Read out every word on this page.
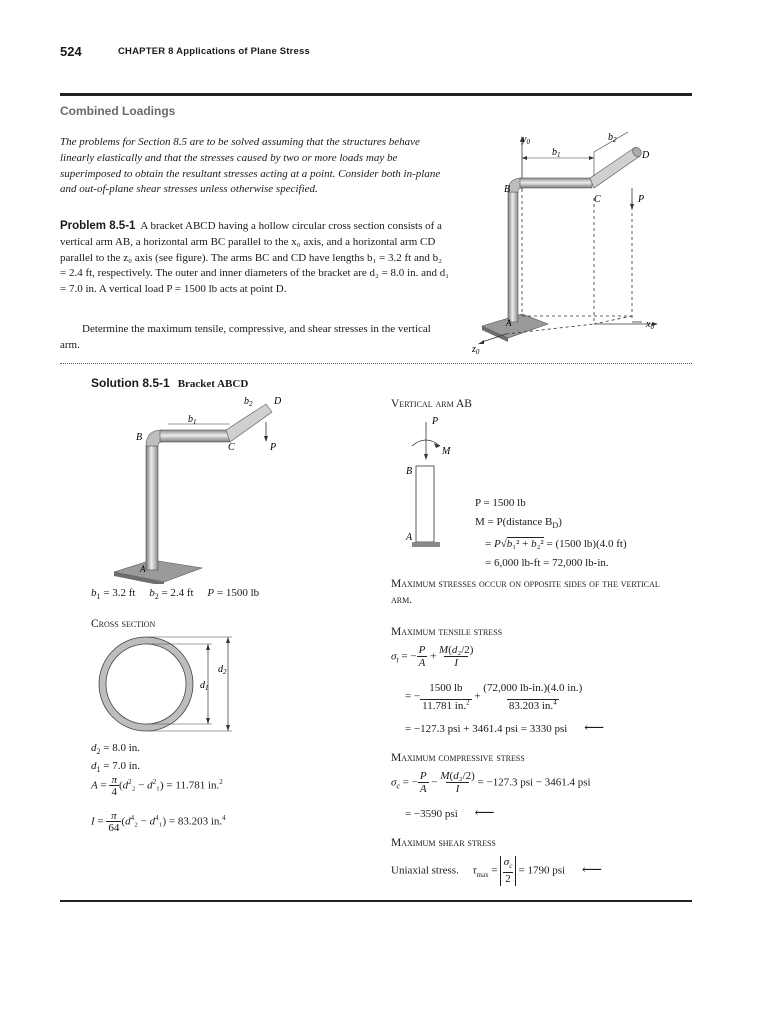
524	CHAPTER 8 Applications of Plane Stress
Combined Loadings
The problems for Section 8.5 are to be solved assuming that the structures behave linearly elastically and that the stresses caused by two or more loads may be superimposed to obtain the resultant stresses acting at a point. Consider both in-plane and out-of-plane shear stresses unless otherwise specified.
Problem 8.5-1 A bracket ABCD having a hollow circular cross section consists of a vertical arm AB, a horizontal arm BC parallel to the x₀ axis, and a horizontal arm CD parallel to the z₀ axis (see figure). The arms BC and CD have lengths b₁ = 3.2 ft and b₂ = 2.4 ft, respectively. The outer and inner diameters of the bracket are d₂ = 8.0 in. and d₁ = 7.0 in. A vertical load P = 1500 lb acts at point D.
Determine the maximum tensile, compressive, and shear stresses in the vertical arm.
$y_0$
$x_0$
$z_0$
P
$b_1$
$b_2$
B
C
D
A
Solution 8.5-1 Bracket ABCD
$b_1$
$b_2$ D
B
C	P
A
$b_1 = 3.2$ ft $b_2 = 2.4$ ft P = 1500 lb
Cross section
$d_2$
$d_1$
$d_2 = 8.0$ in.
$d_1 = 7.0$ in.
$A = \frac{\pi}{4}(d^2_2 - d^2_1) = 11.781$ in.$^2$
$I = \frac{\pi}{64}(d^4_2 - d^4_1) = 83.203$ in.$^4$
Vertical arm AB
P
M
B
A
P = 1500 lb
M = P(distance $B_D$)
= P√b₁² + b₂² = (1500 lb)(4.0 ft)
= 6,000 lb-ft = 72,000 lb-in.
Maximum stresses occur on opposite sides of the vertical arm.
Maximum tensile stress
$\sigma_t = -\frac{P}{A} + M(d_2/2)$
I
= $-\frac{1500 lb}{11.781 in.^2} + \frac{(72,000 lb-in.)(4.0 in.)}{83.203 in.^4}$
= −127.3 psi + 3461.4 psi = 3330 psi ⟵
Maximum compressive stress
$\sigma_c = -\frac{P}{A} - M(d_2/2)$
I = −127.3 psi − 3461.4 psi
= −3590 psi ⟵
Maximum shear stress
Uniaxial stress. $\tau_{max} = \sigma_c$
2 = 1790 psi ⟵
